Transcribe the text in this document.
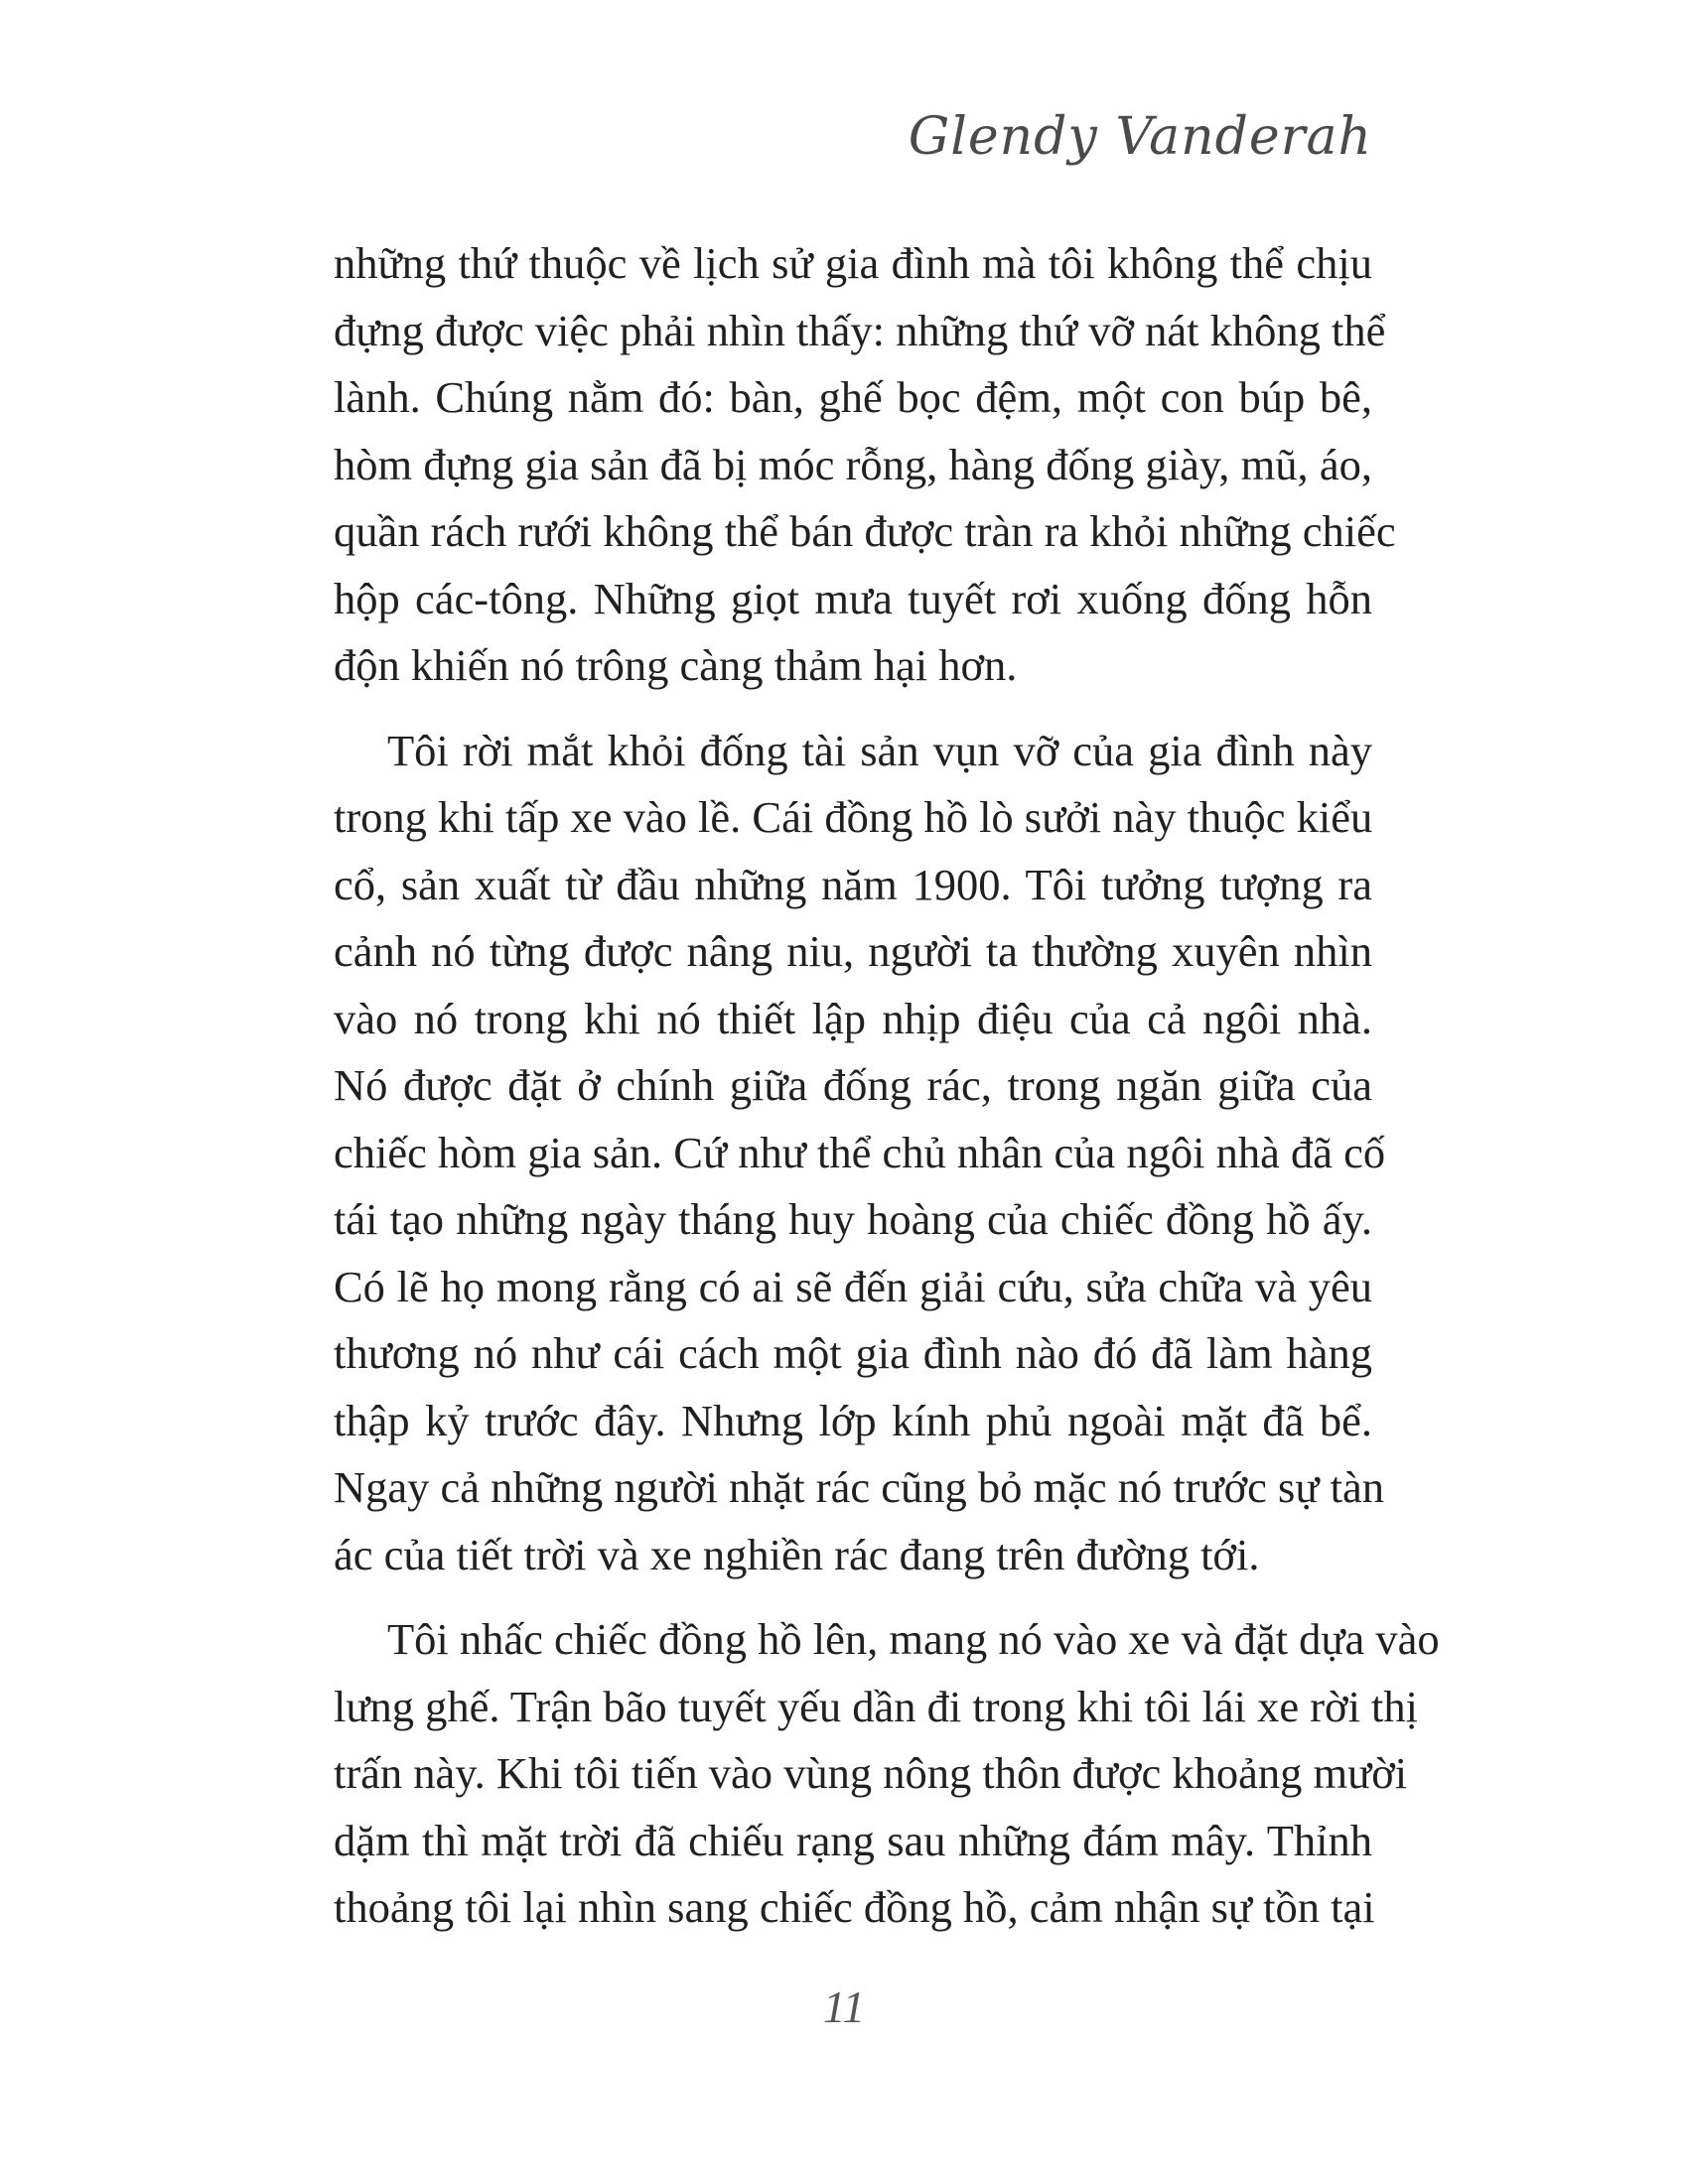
Glendy Vanderah

những thứ thuộc về lịch sử gia đình mà tôi không thể chịu
đựng được việc phải nhìn thấy: những thứ vỡ nát không thể
lành. Chúng nằm đó: bàn, ghế bọc đệm, một con búp bê,
hòm đựng gia sản đã bị móc rỗng, hàng đống giày, mũ, áo,
quần rách rưới không thể bán được tràn ra khỏi những chiếc
hộp các-tông. Những giọt mưa tuyết rơi xuống đống hỗn
độn khiến nó trông càng thảm hại hơn.

Tôi rời mắt khỏi đống tài sản vụn vỡ của gia đình này
trong khi tấp xe vào lề. Cái đồng hồ lò sưởi này thuộc kiểu
cổ, sản xuất từ đầu những năm 1900. Tôi tưởng tượng ra
cảnh nó từng được nâng niu, người ta thường xuyên nhìn
vào nó trong khi nó thiết lập nhịp điệu của cả ngôi nhà.
Nó được đặt ở chính giữa đống rác, trong ngăn giữa của
chiếc hòm gia sản. Cứ như thể chủ nhân của ngôi nhà đã cố
tái tạo những ngày tháng huy hoàng của chiếc đồng hồ ấy.
Có lẽ họ mong rằng có ai sẽ đến giải cứu, sửa chữa và yêu
thương nó như cái cách một gia đình nào đó đã làm hàng
thập kỷ trước đây. Nhưng lớp kính phủ ngoài mặt đã bể.
Ngay cả những người nhặt rác cũng bỏ mặc nó trước sự tàn
ác của tiết trời và xe nghiền rác đang trên đường tới.

Tôi nhấc chiếc đồng hồ lên, mang nó vào xe và đặt dựa vào
lưng ghế. Trận bão tuyết yếu dần đi trong khi tôi lái xe rời thị
trấn này. Khi tôi tiến vào vùng nông thôn được khoảng mười
dặm thì mặt trời đã chiếu rạng sau những đám mây. Thỉnh
thoảng tôi lại nhìn sang chiếc đồng hồ, cảm nhận sự tồn tại

11
